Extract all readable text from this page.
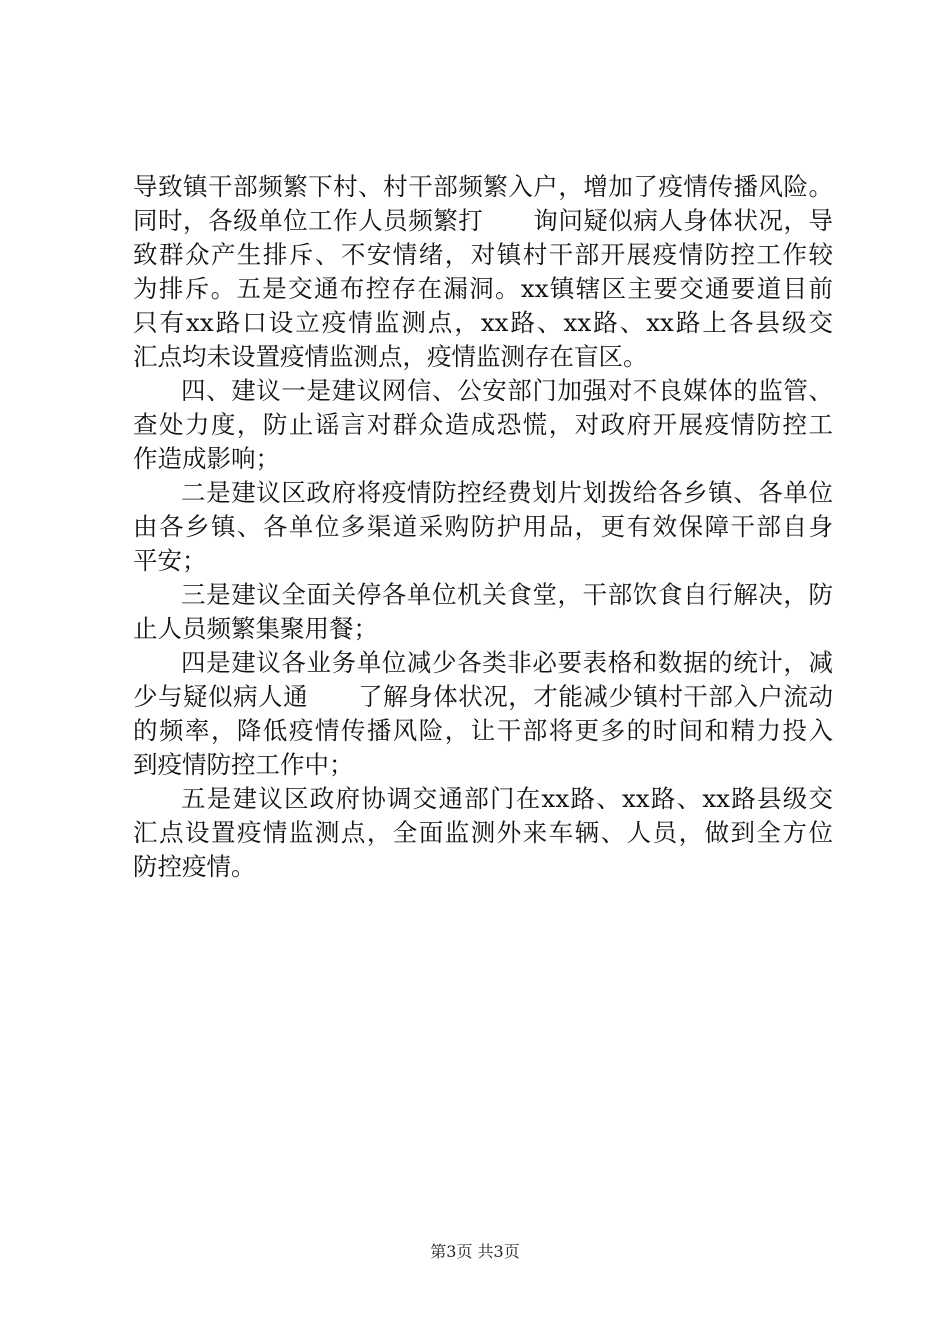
导致镇干部频繁下村、村干部频繁入户，增加了疫情传播风险。
同时，各级单位工作人员频繁打　　询问疑似病人身体状况，导
致群众产生排斥、不安情绪，对镇村干部开展疫情防控工作较
为排斥。五是交通布控存在漏洞。xx镇辖区主要交通要道目前
只有xx路口设立疫情监测点，xx路、xx路、xx路上各县级交
汇点均未设置疫情监测点，疫情监测存在盲区。
四、建议一是建议网信、公安部门加强对不良媒体的监管、
查处力度，防止谣言对群众造成恐慌，对政府开展疫情防控工
作造成影响；
二是建议区政府将疫情防控经费划片划拨给各乡镇、各单位
由各乡镇、各单位多渠道采购防护用品，更有效保障干部自身
平安；
三是建议全面关停各单位机关食堂，干部饮食自行解决，防
止人员频繁集聚用餐；
四是建议各业务单位减少各类非必要表格和数据的统计，减
少与疑似病人通　　了解身体状况，才能减少镇村干部入户流动
的频率，降低疫情传播风险，让干部将更多的时间和精力投入
到疫情防控工作中；
五是建议区政府协调交通部门在xx路、xx路、xx路县级交
汇点设置疫情监测点，全面监测外来车辆、人员，做到全方位
防控疫情。
第3页 共3页
